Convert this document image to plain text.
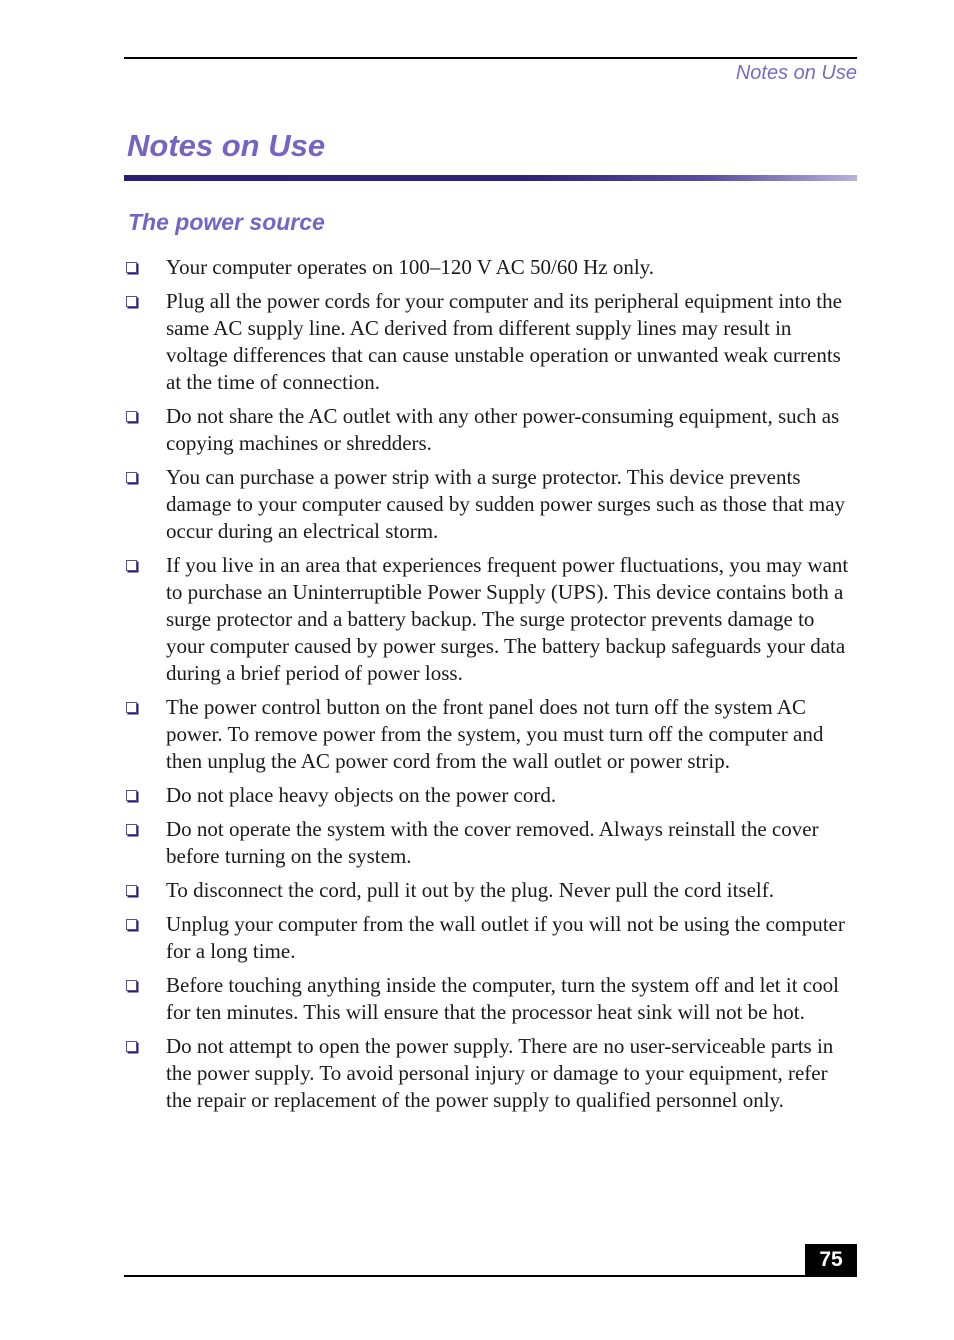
Notes on Use

Notes on Use
The power source
Your computer operates on 100–120 V AC 50/60 Hz only.
Plug all the power cords for your computer and its peripheral equipment into the same AC supply line. AC derived from different supply lines may result in voltage differences that can cause unstable operation or unwanted weak currents at the time of connection.
Do not share the AC outlet with any other power-consuming equipment, such as copying machines or shredders.
You can purchase a power strip with a surge protector. This device prevents damage to your computer caused by sudden power surges such as those that may occur during an electrical storm.
If you live in an area that experiences frequent power fluctuations, you may want to purchase an Uninterruptible Power Supply (UPS). This device contains both a surge protector and a battery backup. The surge protector prevents damage to your computer caused by power surges. The battery backup safeguards your data during a brief period of power loss.
The power control button on the front panel does not turn off the system AC power. To remove power from the system, you must turn off the computer and then unplug the AC power cord from the wall outlet or power strip.
Do not place heavy objects on the power cord.
Do not operate the system with the cover removed. Always reinstall the cover before turning on the system.
To disconnect the cord, pull it out by the plug. Never pull the cord itself.
Unplug your computer from the wall outlet if you will not be using the computer for a long time.
Before touching anything inside the computer, turn the system off and let it cool for ten minutes. This will ensure that the processor heat sink will not be hot.
Do not attempt to open the power supply. There are no user-serviceable parts in the power supply. To avoid personal injury or damage to your equipment, refer the repair or replacement of the power supply to qualified personnel only.
75
